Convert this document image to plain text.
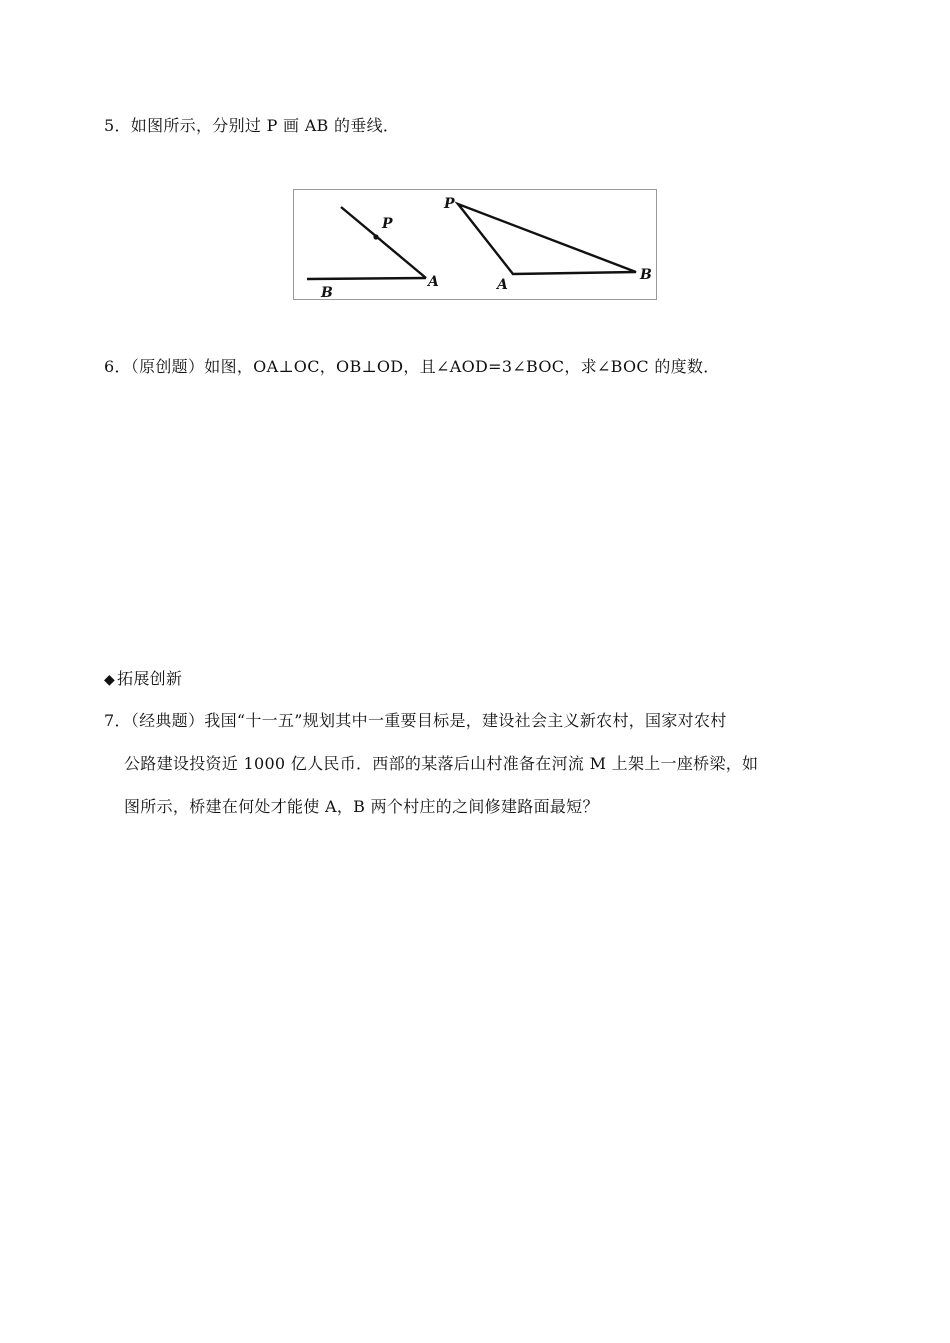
5．如图所示，分别过 P 画 AB 的垂线．
P
A
B
P
A
B
6．（原创题）如图，OA⊥OC，OB⊥OD，且∠AOD=3∠BOC，求∠BOC 的度数．
◆ 拓展创新
7．（经典题）我国“十一五”规划其中一重要目标是，建设社会主义新农村，国家对农村
公路建设投资近 1000 亿人民币．西部的某落后山村准备在河流 M 上架上一座桥梁，如
图所示，桥建在何处才能使 A，B 两个村庄的之间修建路面最短？
